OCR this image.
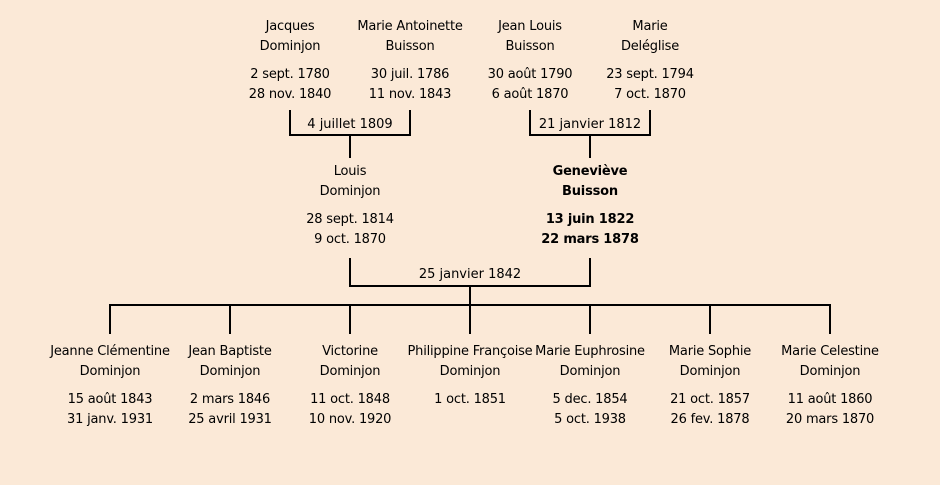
Jacques
Dominjon
2 sept. 1780
28 nov. 1840
Marie Antoinette
Buisson
30 juil. 1786
11 nov. 1843
Jean Louis
Buisson
30 août 1790
6 août 1870
Marie
Deléglise
23 sept. 1794
7 oct. 1870
4 juillet 1809	21 janvier 1812
Louis
Dominjon
28 sept. 1814
9 oct. 1870
Geneviève
Buisson
13 juin 1822
22 mars 1878
25 janvier 1842
Jeanne Clémentine
Dominjon
15 août 1843
31 janv. 1931
Jean Baptiste
Dominjon
2 mars 1846
25 avril 1931
Victorine
Dominjon
11 oct. 1848
10 nov. 1920
Philippine Françoise
Dominjon
1 oct. 1851
Marie Euphrosine
Dominjon
5 dec. 1854
5 oct. 1938
Marie Sophie
Dominjon
21 oct. 1857
26 fev. 1878
Marie Celestine
Dominjon
11 août 1860
20 mars 1870
